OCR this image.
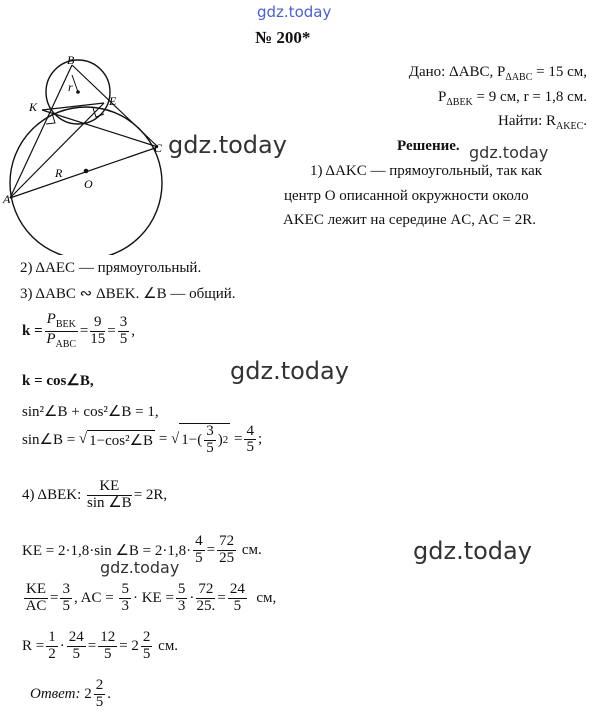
gdz.today
№ 200*
B
K	E
C
A
O
R
r
Дано: ΔABC, $P_{\Delta ABC} = 15$ см,
$P_{\Delta BEK} = 9$ см, r = 1,8 см.
Найти: $R_{AKEC}$.
Решение.
gdz.today	gdz.today
1) ΔAKC — прямоугольный, так как
центр O описанной окружности около
AKEC лежит на середине AC, AC = 2R.
2) ΔAEC — прямоугольный.
3) ΔABC ∾ ΔBEK. ∠B — общий.
$k = \frac{P_{BEK}}{P_{ABC}} = \frac{9}{15} = \frac{3}{5}$ ,
k = cos∠B,	gdz.today
sin²∠B + cos²∠B = 1,
sin∠B =
√ 1−cos²∠B
=
√ 1− ( $\frac{3}{5}$ ) 2
= $\frac{4}{5}$ ;
4) ΔBEK:
$\frac{KE}{\sin \angle B} = 2R$,
KE = 2·1,8·sin ∠B = $2\cdot 1,8\cdot \frac{4}{5} = \frac{72}{25}$
см.
gdz.today
gdz.today
$\frac{KE}{AC} = \frac{3}{5}$ , AC =
$\frac{5}{3}$ · KE = $\frac{5}{3} \cdot \frac{72}{25.} = \frac{24}{5}$
см,
$R = \frac{1}{2} \cdot \frac{24}{5} = \frac{12}{5} = 2 \frac{2}{5}$
см.
Ответ:
$2 \frac{2}{5}$ .
